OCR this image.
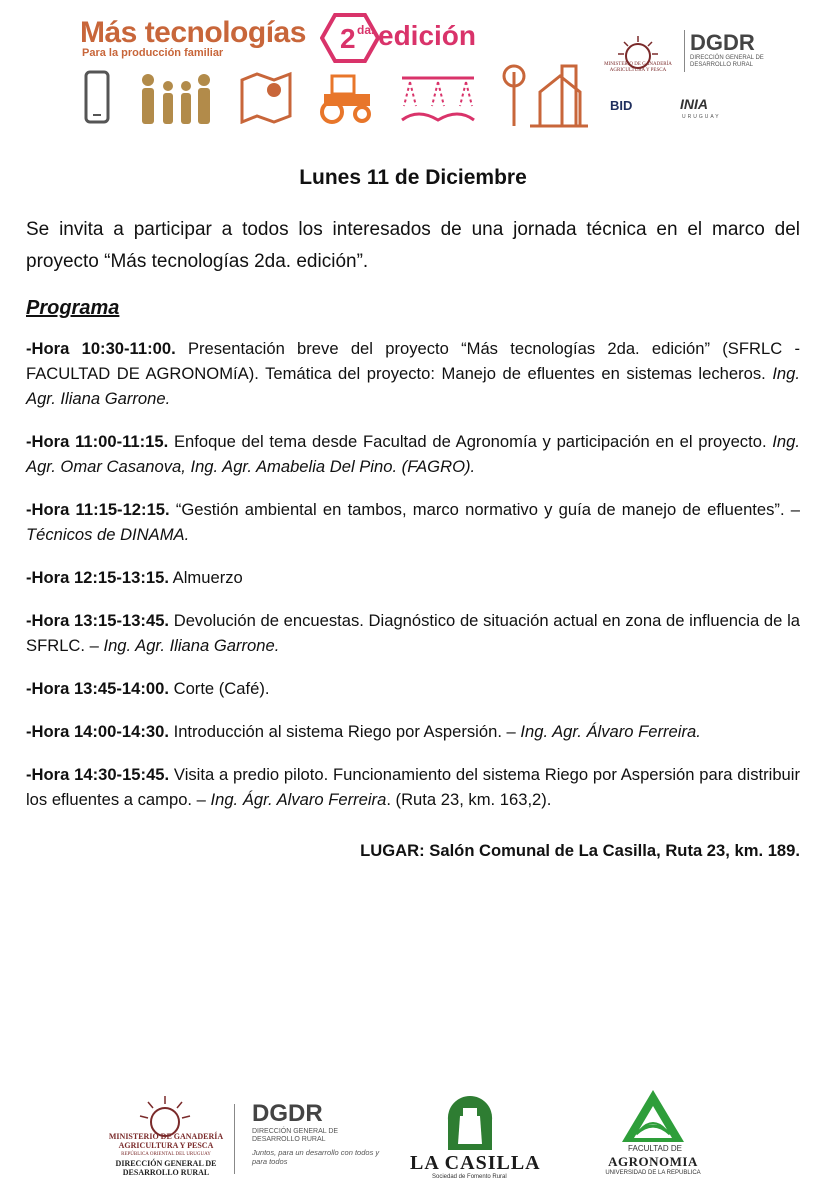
Más tecnologías
Para la producción familiar	2 da. edición
MINISTERIO DE GANADERÍA AGRICULTURA Y PESCA
DGDR
DIRECCIÓN GENERAL DE DESARROLLO RURAL
BID	INIA
URUGUAY
Lunes 11 de Diciembre

Se invita a participar a todos los interesados de una jornada técnica en el marco del proyecto “Más tecnologías 2da. edición”.

Programa

-Hora 10:30-11:00. Presentación breve del proyecto “Más tecnologías 2da. edición” (SFRLC - FACULTAD DE AGRONOMíA). Temática del proyecto: Manejo de efluentes en sistemas lecheros. Ing. Agr. Iliana Garrone.

-Hora 11:00-11:15. Enfoque del tema desde Facultad de Agronomía y participación en el proyecto. Ing. Agr. Omar Casanova, Ing. Agr. Amabelia Del Pino. (FAGRO).

-Hora 11:15-12:15. “Gestión ambiental en tambos, marco normativo y guía de manejo de efluentes”. – Técnicos de DINAMA.

-Hora 12:15-13:15. Almuerzo

-Hora 13:15-13:45. Devolución de encuestas. Diagnóstico de situación actual en zona de influencia de la SFRLC. – Ing. Agr. Iliana Garrone.

-Hora 13:45-14:00. Corte (Café).

-Hora 14:00-14:30. Introducción al sistema Riego por Aspersión. – Ing. Agr. Álvaro Ferreira.

-Hora 14:30-15:45. Visita a predio piloto. Funcionamiento del sistema Riego por Aspersión para distribuir los efluentes a campo. – Ing. Ágr. Alvaro Ferreira. (Ruta 23, km. 163,2).

LUGAR: Salón Comunal de La Casilla, Ruta 23, km. 189.
MINISTERIO DE GANADERÍA
AGRICULTURA Y PESCA
REPÚBLICA ORIENTAL DEL URUGUAY
DIRECCIÓN GENERAL DE
DESARROLLO RURAL
DGDR
DIRECCIÓN GENERAL DE DESARROLLO RURAL
Juntos, para un desarrollo con todos y para todos	LA CASILLA
Sociedad de Fomento Rural
FACULTAD DE
AGRONOMIA
UNIVERSIDAD DE LA REPUBLICA
